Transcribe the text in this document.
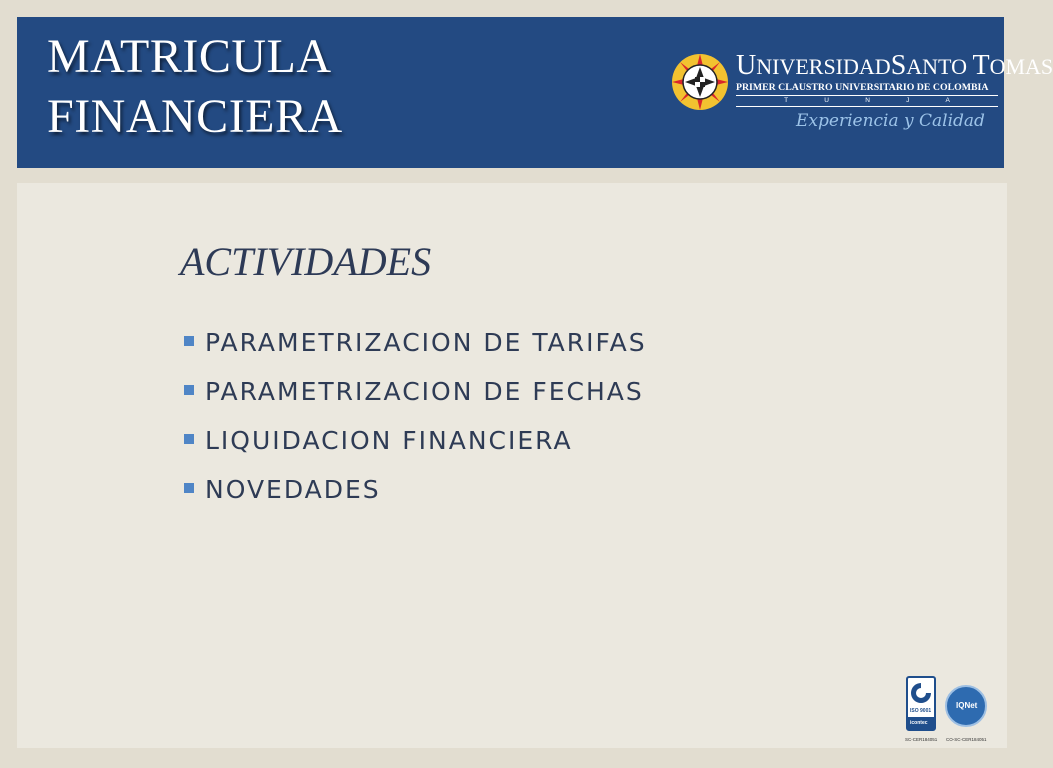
MATRICULA
FINANCIERA
UNIVERSIDADSANTO TOMAS
PRIMER CLAUSTRO UNIVERSITARIO DE COLOMBIA
T	U	N	J	A
Experiencia y Calidad
ACTIVIDADES
PARAMETRIZACION DE TARIFAS
PARAMETRIZACION DE FECHAS
LIQUIDACION FINANCIERA
NOVEDADES
ISO 9001
icontec
IQNet
SC-CER184051 CO-SC-CER184051
